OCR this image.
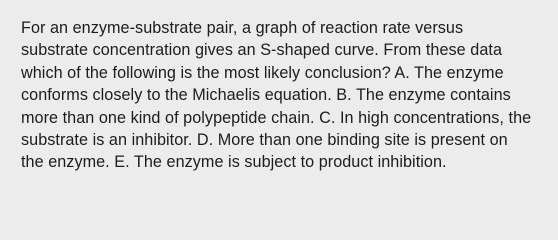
For an enzyme-substrate pair, a graph of reaction rate versus substrate concentration gives an S-shaped curve. From these data which of the following is the most likely conclusion? A. The enzyme conforms closely to the Michaelis equation. B. The enzyme contains more than one kind of polypeptide chain. C. In high concentrations, the substrate is an inhibitor. D. More than one binding site is present on the enzyme. E. The enzyme is subject to product inhibition.
